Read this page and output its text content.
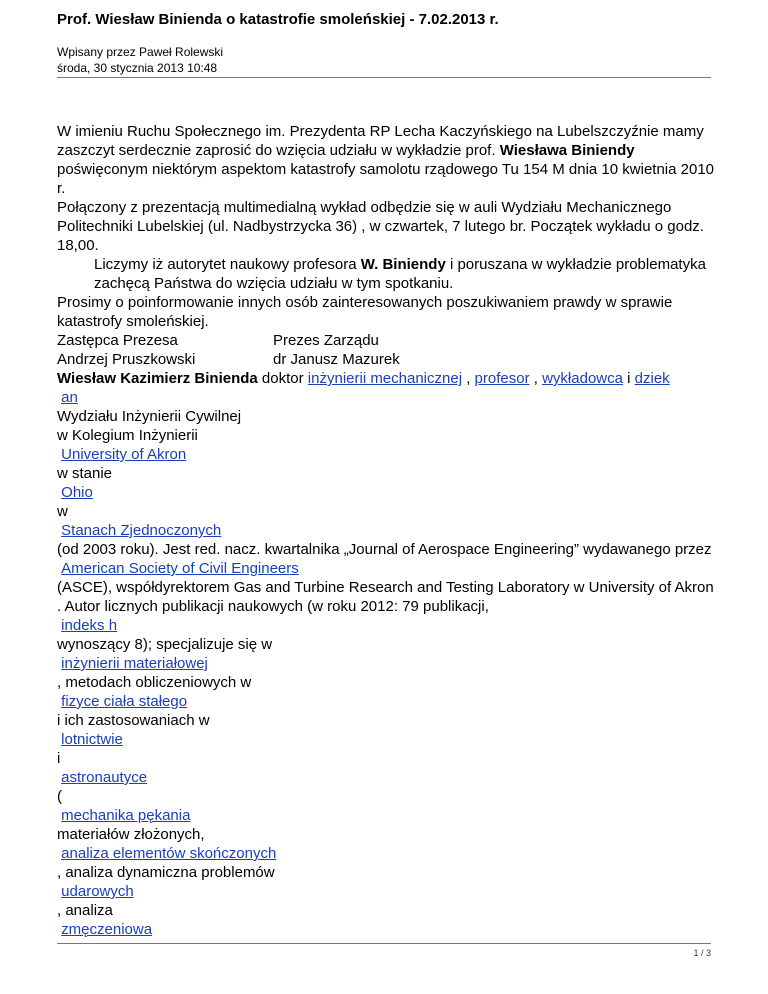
Prof. Wiesław Binienda o katastrofie smoleńskiej - 7.02.2013 r.
Wpisany przez Paweł Rolewski
środa, 30 stycznia 2013 10:48

W imieniu Ruchu Społecznego im. Prezydenta RP Lecha Kaczyńskiego na Lubelszczyźnie mamy zaszczyt serdecznie zaprosić do wzięcia udziału w wykładzie prof. Wiesława Biniendy poświęconym niektórym aspektom katastrofy samolotu rządowego Tu 154 M dnia 10 kwietnia 2010 r.

Połączony z prezentacją multimedialną wykład odbędzie się w auli Wydziału Mechanicznego Politechniki Lubelskiej (ul. Nadbystrzycka 36) , w czwartek, 7 lutego br. Początek wykładu o godz. 18,00.

Liczymy iż autorytet naukowy profesora W. Biniendy i poruszana w wykładzie problematyka zachęcą Państwa do wzięcia udziału w tym spotkaniu.

Prosimy o poinformowanie innych osób zainteresowanych poszukiwaniem prawdy w sprawie katastrofy smoleńskiej.

Zastępca Prezesa	Prezes Zarządu
Andrzej Pruszkowski	dr Janusz Mazurek
Wiesław Kazimierz Binienda doktor inżynierii mechanicznej , profesor , wykładowca i dziek
an
Wydziału Inżynierii Cywilnej
w Kolegium Inżynierii
University of Akron
w stanie
Ohio
w
Stanach Zjednoczonych
(od 2003 roku). Jest red. nacz. kwartalnika „Journal of Aerospace Engineering” wydawanego przez
American Society of Civil Engineers
(ASCE), współdyrektorem Gas and Turbine Research and Testing Laboratory w University of Akron . Autor licznych publikacji naukowych (w roku 2012: 79 publikacji,
indeks h
wynoszący 8); specjalizuje się w
inżynierii materiałowej
, metodach obliczeniowych w
fizyce ciała stałego
i ich zastosowaniach w
lotnictwie
i
astronautyce
(
mechanika pękania
materiałów złożonych,
analiza elementów skończonych
, analiza dynamiczna problemów
udarowych
, analiza
zmęczeniowa
1 / 3
